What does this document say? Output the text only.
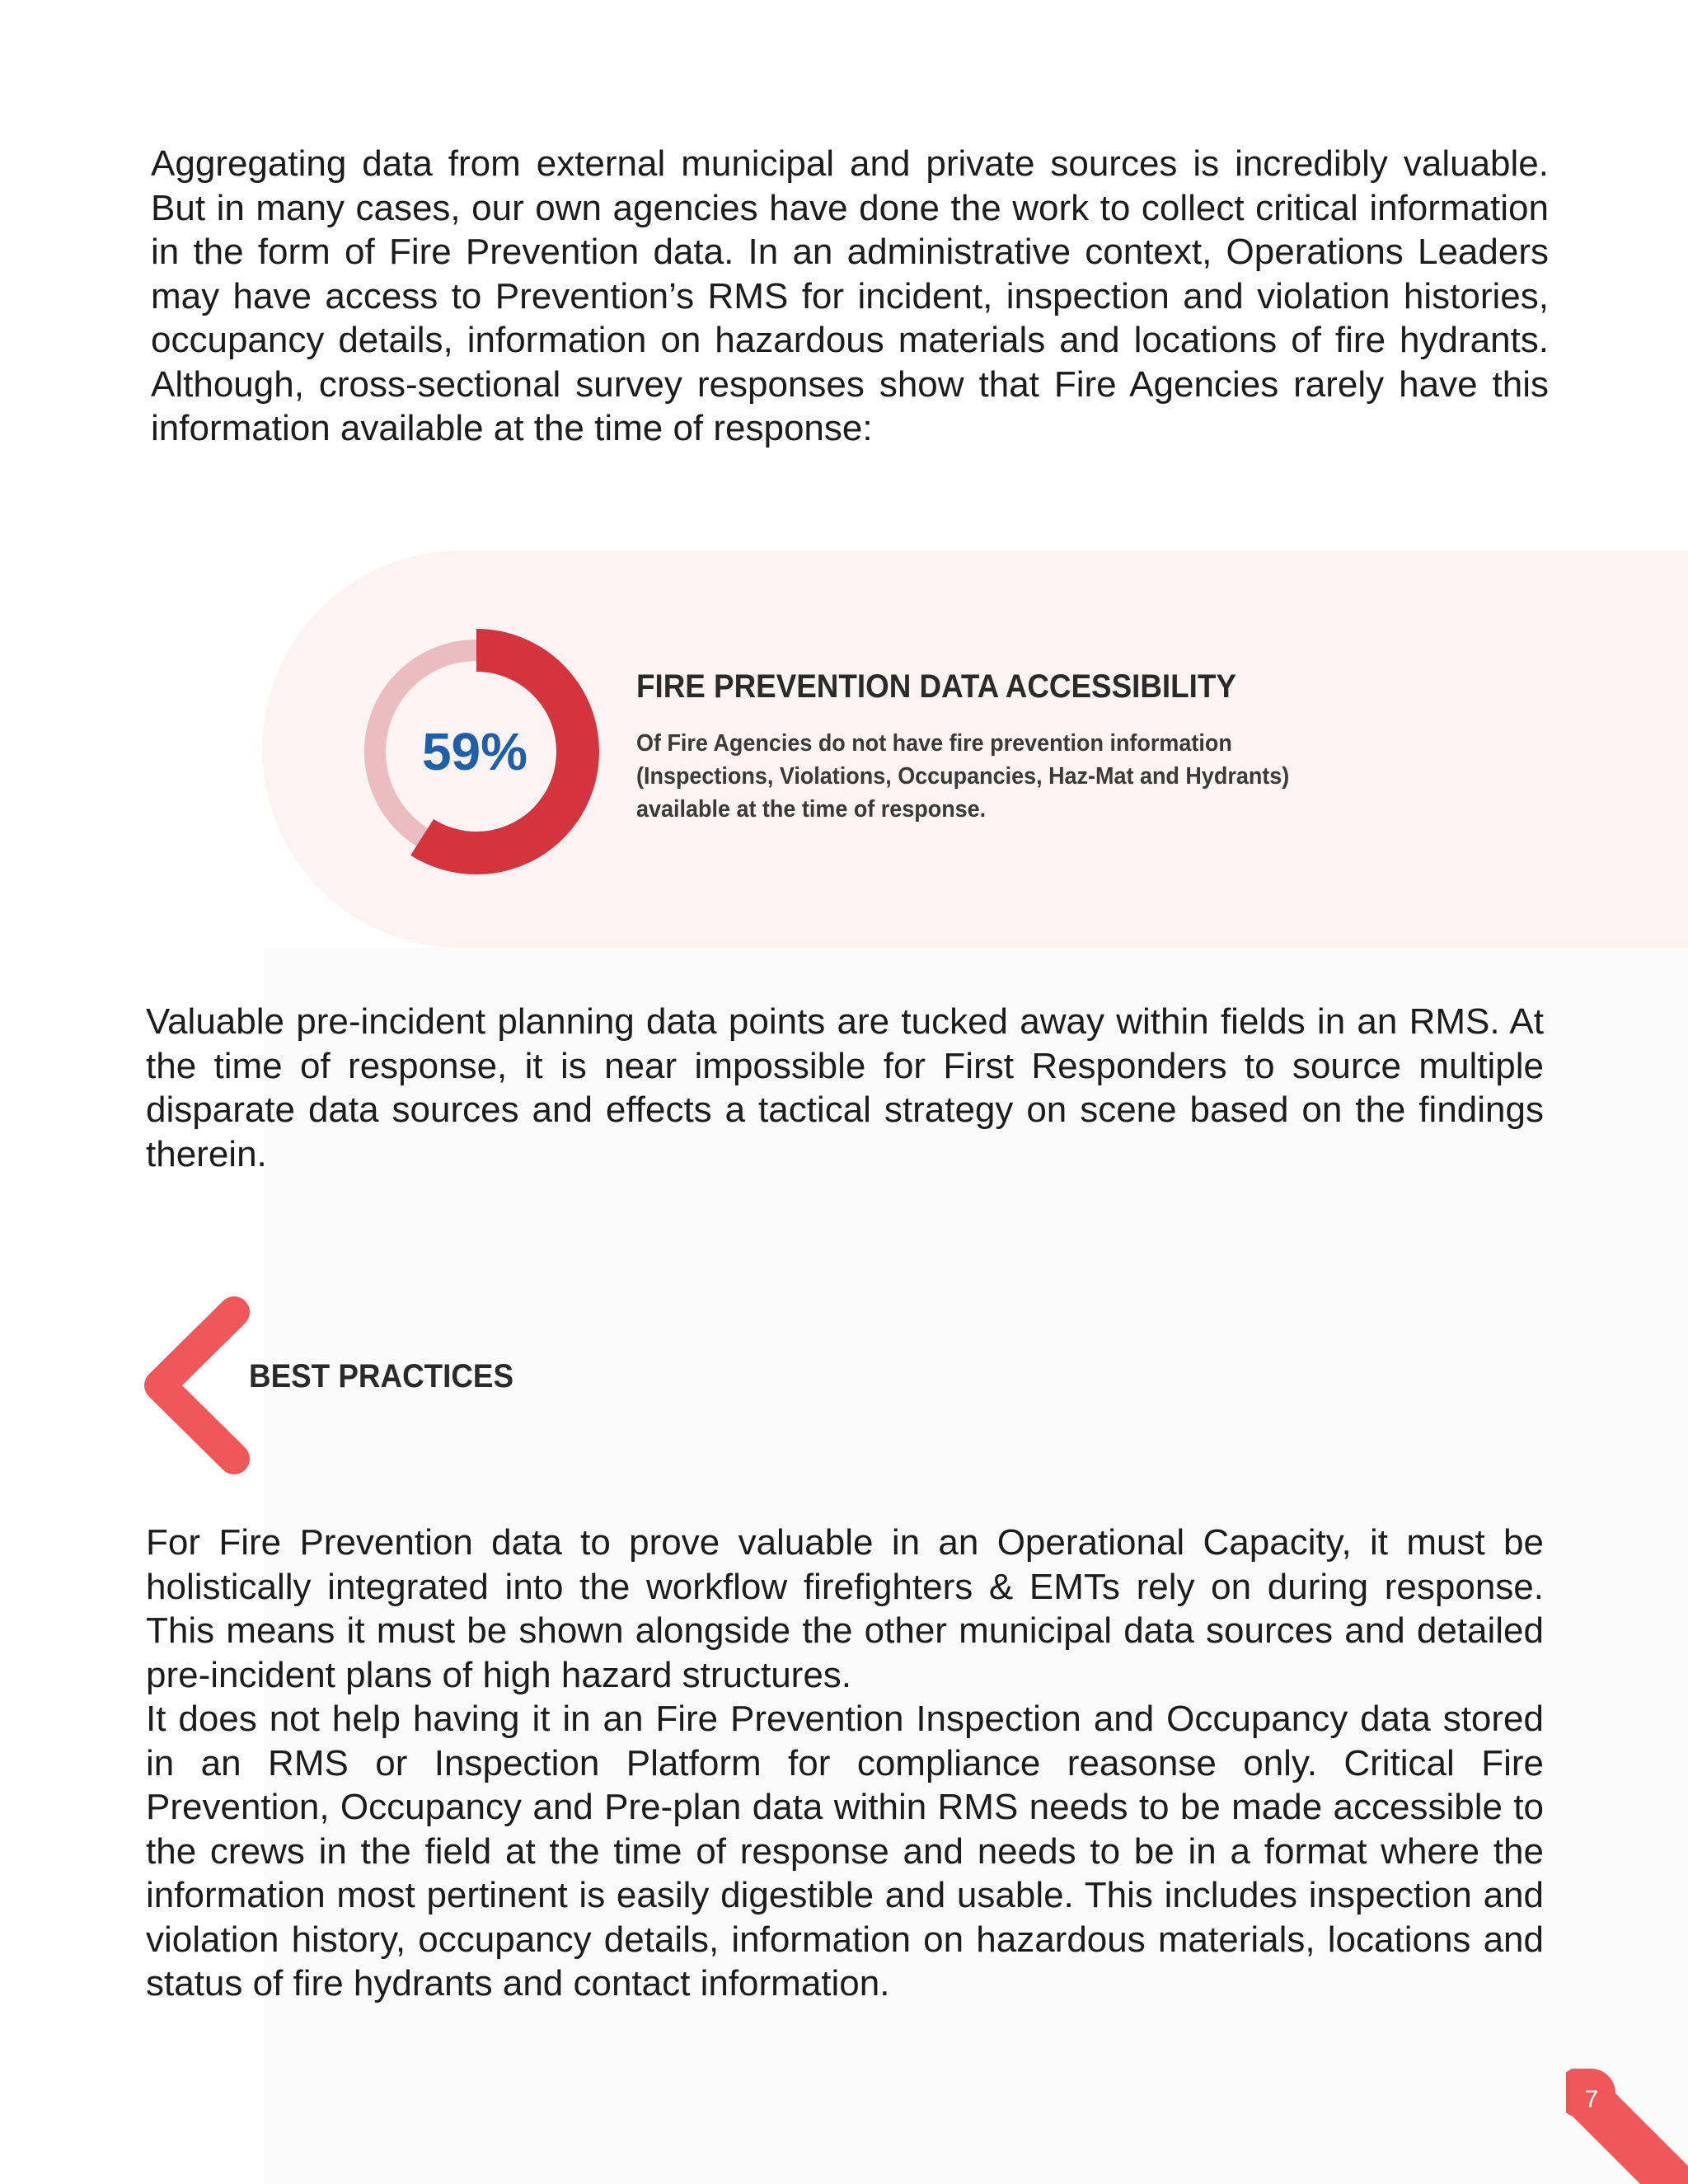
Aggregating data from external municipal and private sources is incredibly valuable. But in many cases, our own agencies have done the work to collect critical information in the form of Fire Prevention data. In an administrative context, Operations Leaders may have access to Prevention’s RMS for incident, inspection and violation histories, occupancy details, information on hazardous materials and locations of fire hydrants. Although, cross-sectional survey responses show that Fire Agencies rarely have this information available at the time of response:

59%
FIRE PREVENTION DATA ACCESSIBILITY

Of Fire Agencies do not have fire prevention information (Inspections, Violations, Occupancies, Haz-Mat and Hydrants) available at the time of response.

Valuable pre-incident planning data points are tucked away within fields in an RMS. At the time of response, it is near impossible for First Responders to source multiple disparate data sources and effects a tactical strategy on scene based on the findings therein.

BEST PRACTICES

For Fire Prevention data to prove valuable in an Operational Capacity, it must be holistically integrated into the workflow firefighters & EMTs rely on during response. This means it must be shown alongside the other municipal data sources and detailed pre-incident plans of high hazard structures.
It does not help having it in an Fire Prevention Inspection and Occupancy data stored in an RMS or Inspection Platform for compliance reasonse only. Critical Fire Prevention, Occupancy and Pre-plan data within RMS needs to be made accessible to the crews in the field at the time of response and needs to be in a format where the information most pertinent is easily digestible and usable. This includes inspection and violation history, occupancy details, information on hazardous materials, locations and status of fire hydrants and contact information.

7
